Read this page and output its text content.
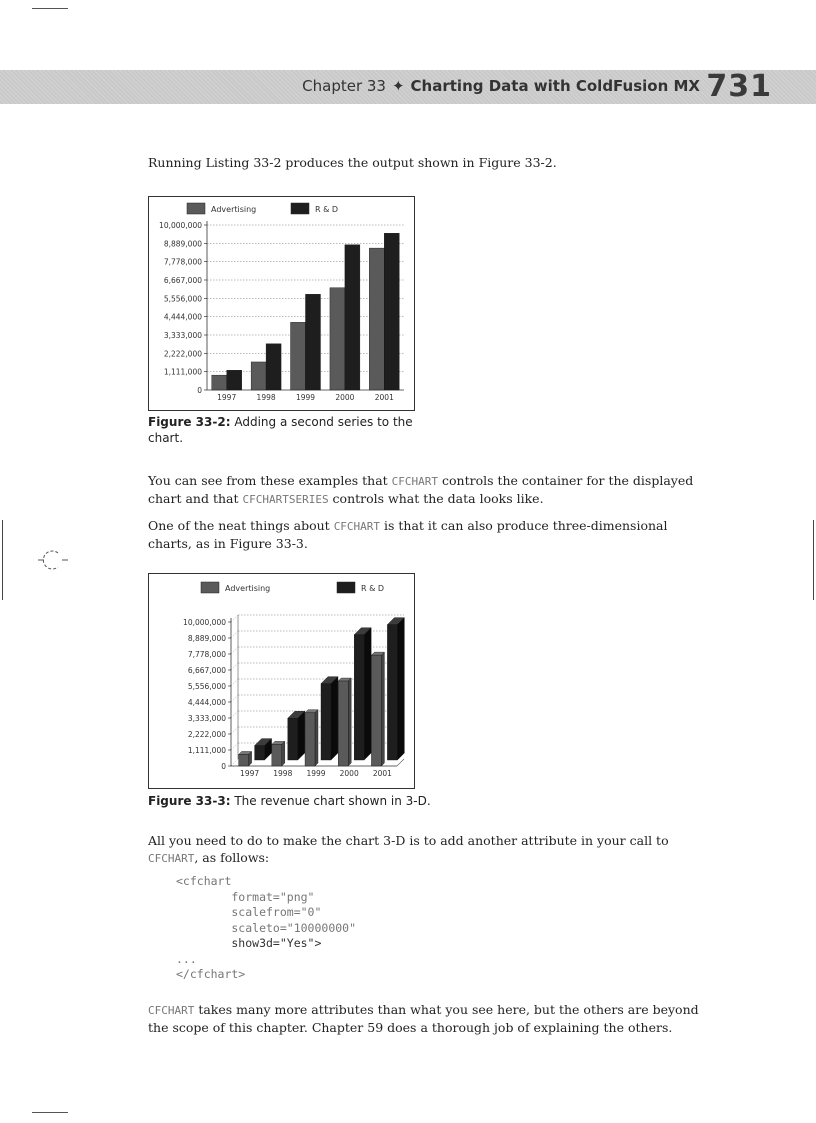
Chapter 33 ✦ Charting Data with ColdFusion MX 731

Running Listing 33-2 produces the output shown in Figure 33-2.

Advertising	R & D
0
1,111,000
2,222,000
3,333,000
4,444,000
5,556,000
6,667,000
7,778,000
8,889,000
10,000,000
1997	1998	1999	2000	2001

Figure 33-2: Adding a second series to the chart.

You can see from these examples that CFCHART controls the container for the displayed chart and that CFCHARTSERIES controls what the data looks like.

One of the neat things about CFCHART is that it can also produce three-dimensional charts, as in Figure 33-3.

Advertising	R & D
0
1,111,000
2,222,000
3,333,000
4,444,000
5,556,000
6,667,000
7,778,000
8,889,000
10,000,000
1997 1998 1999 2000 2001

Figure 33-3: The revenue chart shown in 3-D.

All you need to do to make the chart 3-D is to add another attribute in your call to CFCHART, as follows:

<cfchart
format="png"
scalefrom="0"
scaleto="10000000"
show3d="Yes">
...
</cfchart>

CFCHART takes many more attributes than what you see here, but the others are beyond the scope of this chapter. Chapter 59 does a thorough job of explaining the others.
